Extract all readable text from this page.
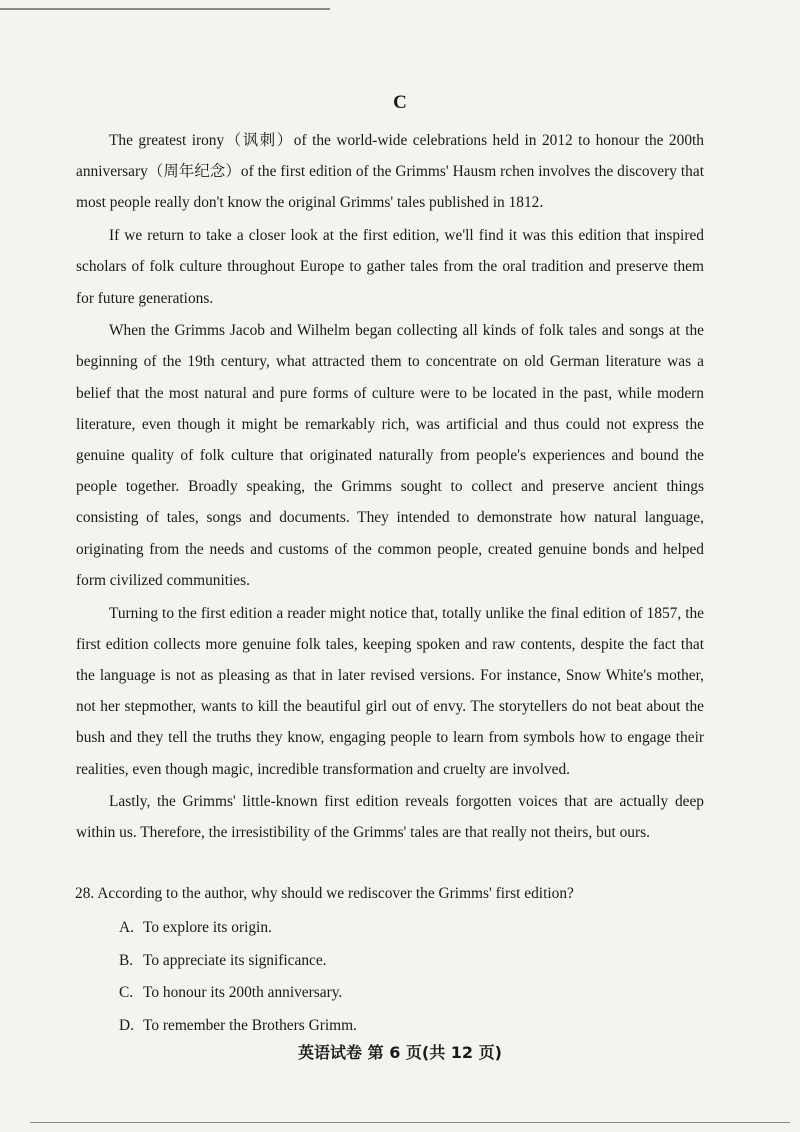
C

The greatest irony（讽刺）of the world-wide celebrations held in 2012 to honour the 200th anniversary（周年纪念）of the first edition of the Grimms' Hausm rchen involves the discovery that most people really don't know the original Grimms' tales published in 1812.

If we return to take a closer look at the first edition, we'll find it was this edition that inspired scholars of folk culture throughout Europe to gather tales from the oral tradition and preserve them for future generations.

When the Grimms Jacob and Wilhelm began collecting all kinds of folk tales and songs at the beginning of the 19th century, what attracted them to concentrate on old German literature was a belief that the most natural and pure forms of culture were to be located in the past, while modern literature, even though it might be remarkably rich, was artificial and thus could not express the genuine quality of folk culture that originated naturally from people's experiences and bound the people together. Broadly speaking, the Grimms sought to collect and preserve ancient things consisting of tales, songs and documents. They intended to demonstrate how natural language, originating from the needs and customs of the common people, created genuine bonds and helped form civilized communities.

Turning to the first edition a reader might notice that, totally unlike the final edition of 1857, the first edition collects more genuine folk tales, keeping spoken and raw contents, despite the fact that the language is not as pleasing as that in later revised versions. For instance, Snow White's mother, not her stepmother, wants to kill the beautiful girl out of envy. The storytellers do not beat about the bush and they tell the truths they know, engaging people to learn from symbols how to engage their realities, even though magic, incredible transformation and cruelty are involved.

Lastly, the Grimms' little-known first edition reveals forgotten voices that are actually deep within us. Therefore, the irresistibility of the Grimms' tales are that really not theirs, but ours.

28. According to the author, why should we rediscover the Grimms' first edition?
A. To explore its origin.
B. To appreciate its significance.
C. To honour its 200th anniversary.
D. To remember the Brothers Grimm.
英语试卷 第 6 页(共 12 页)
